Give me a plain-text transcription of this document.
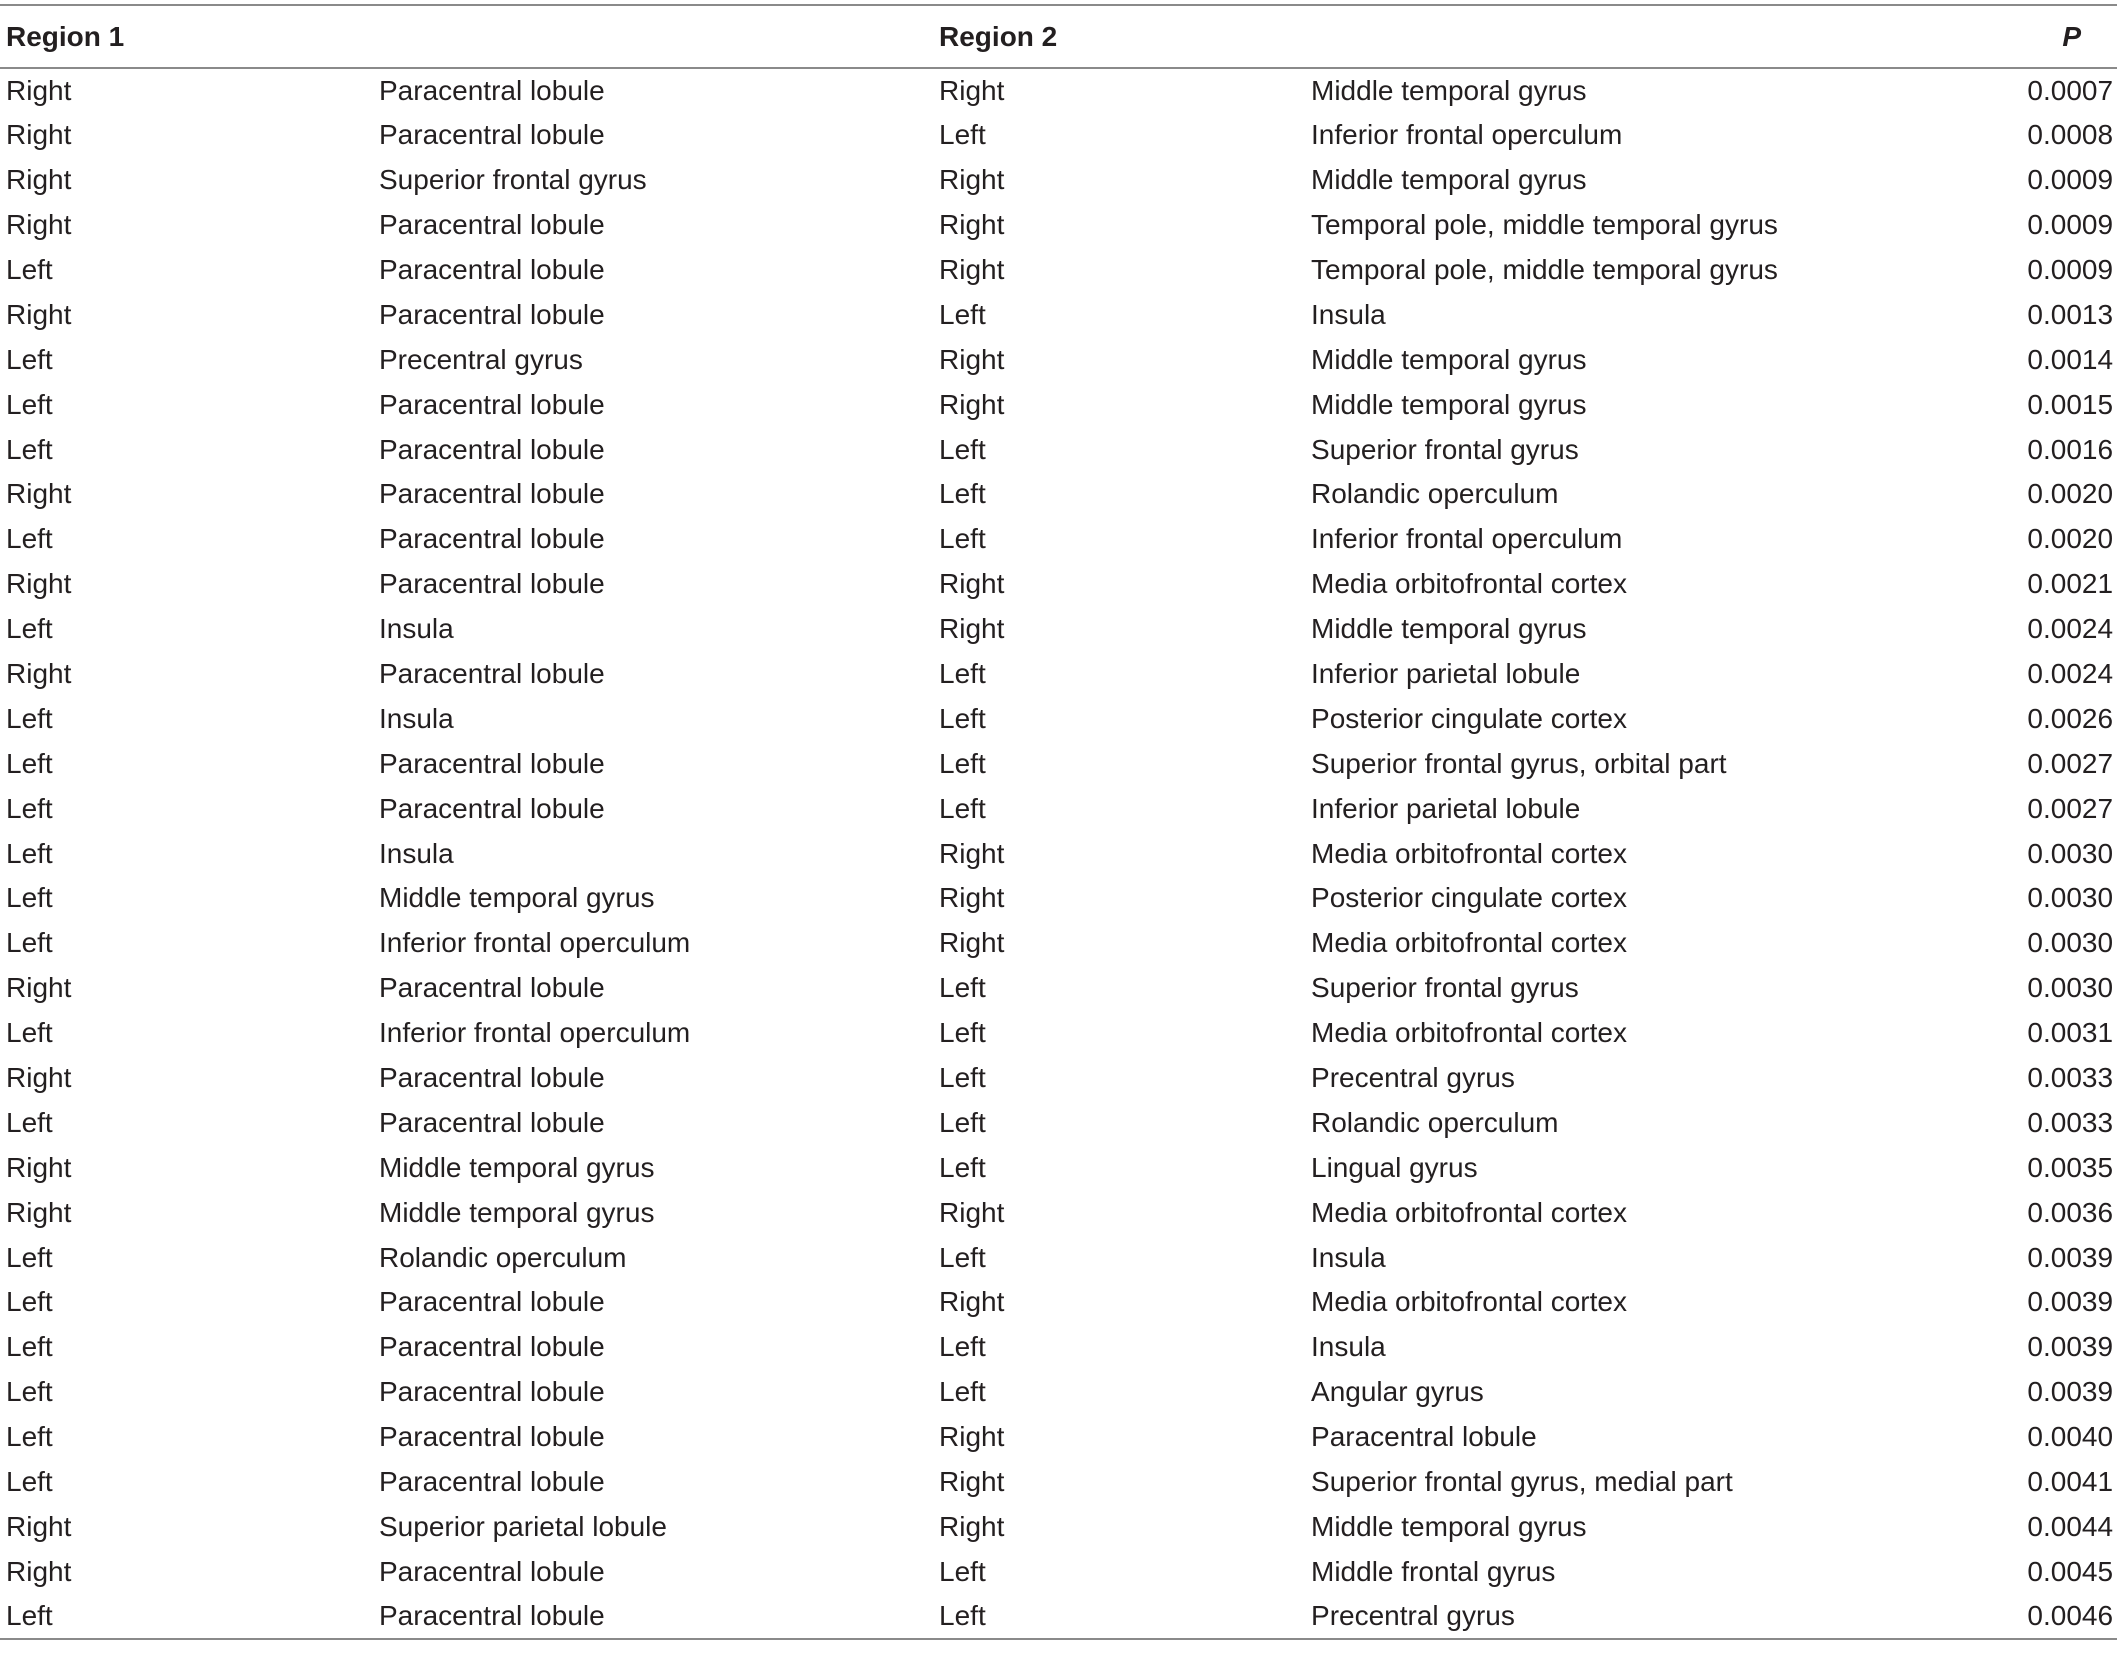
Region 1		Region 2		P
Right	Paracentral lobule	Right	Middle temporal gyrus	0.0007
Right	Paracentral lobule	Left	Inferior frontal operculum	0.0008
Right	Superior frontal gyrus	Right	Middle temporal gyrus	0.0009
Right	Paracentral lobule	Right	Temporal pole, middle temporal gyrus	0.0009
Left	Paracentral lobule	Right	Temporal pole, middle temporal gyrus	0.0009
Right	Paracentral lobule	Left	Insula	0.0013
Left	Precentral gyrus	Right	Middle temporal gyrus	0.0014
Left	Paracentral lobule	Right	Middle temporal gyrus	0.0015
Left	Paracentral lobule	Left	Superior frontal gyrus	0.0016
Right	Paracentral lobule	Left	Rolandic operculum	0.0020
Left	Paracentral lobule	Left	Inferior frontal operculum	0.0020
Right	Paracentral lobule	Right	Media orbitofrontal cortex	0.0021
Left	Insula	Right	Middle temporal gyrus	0.0024
Right	Paracentral lobule	Left	Inferior parietal lobule	0.0024
Left	Insula	Left	Posterior cingulate cortex	0.0026
Left	Paracentral lobule	Left	Superior frontal gyrus, orbital part	0.0027
Left	Paracentral lobule	Left	Inferior parietal lobule	0.0027
Left	Insula	Right	Media orbitofrontal cortex	0.0030
Left	Middle temporal gyrus	Right	Posterior cingulate cortex	0.0030
Left	Inferior frontal operculum	Right	Media orbitofrontal cortex	0.0030
Right	Paracentral lobule	Left	Superior frontal gyrus	0.0030
Left	Inferior frontal operculum	Left	Media orbitofrontal cortex	0.0031
Right	Paracentral lobule	Left	Precentral gyrus	0.0033
Left	Paracentral lobule	Left	Rolandic operculum	0.0033
Right	Middle temporal gyrus	Left	Lingual gyrus	0.0035
Right	Middle temporal gyrus	Right	Media orbitofrontal cortex	0.0036
Left	Rolandic operculum	Left	Insula	0.0039
Left	Paracentral lobule	Right	Media orbitofrontal cortex	0.0039
Left	Paracentral lobule	Left	Insula	0.0039
Left	Paracentral lobule	Left	Angular gyrus	0.0039
Left	Paracentral lobule	Right	Paracentral lobule	0.0040
Left	Paracentral lobule	Right	Superior frontal gyrus, medial part	0.0041
Right	Superior parietal lobule	Right	Middle temporal gyrus	0.0044
Right	Paracentral lobule	Left	Middle frontal gyrus	0.0045
Left	Paracentral lobule	Left	Precentral gyrus	0.0046
